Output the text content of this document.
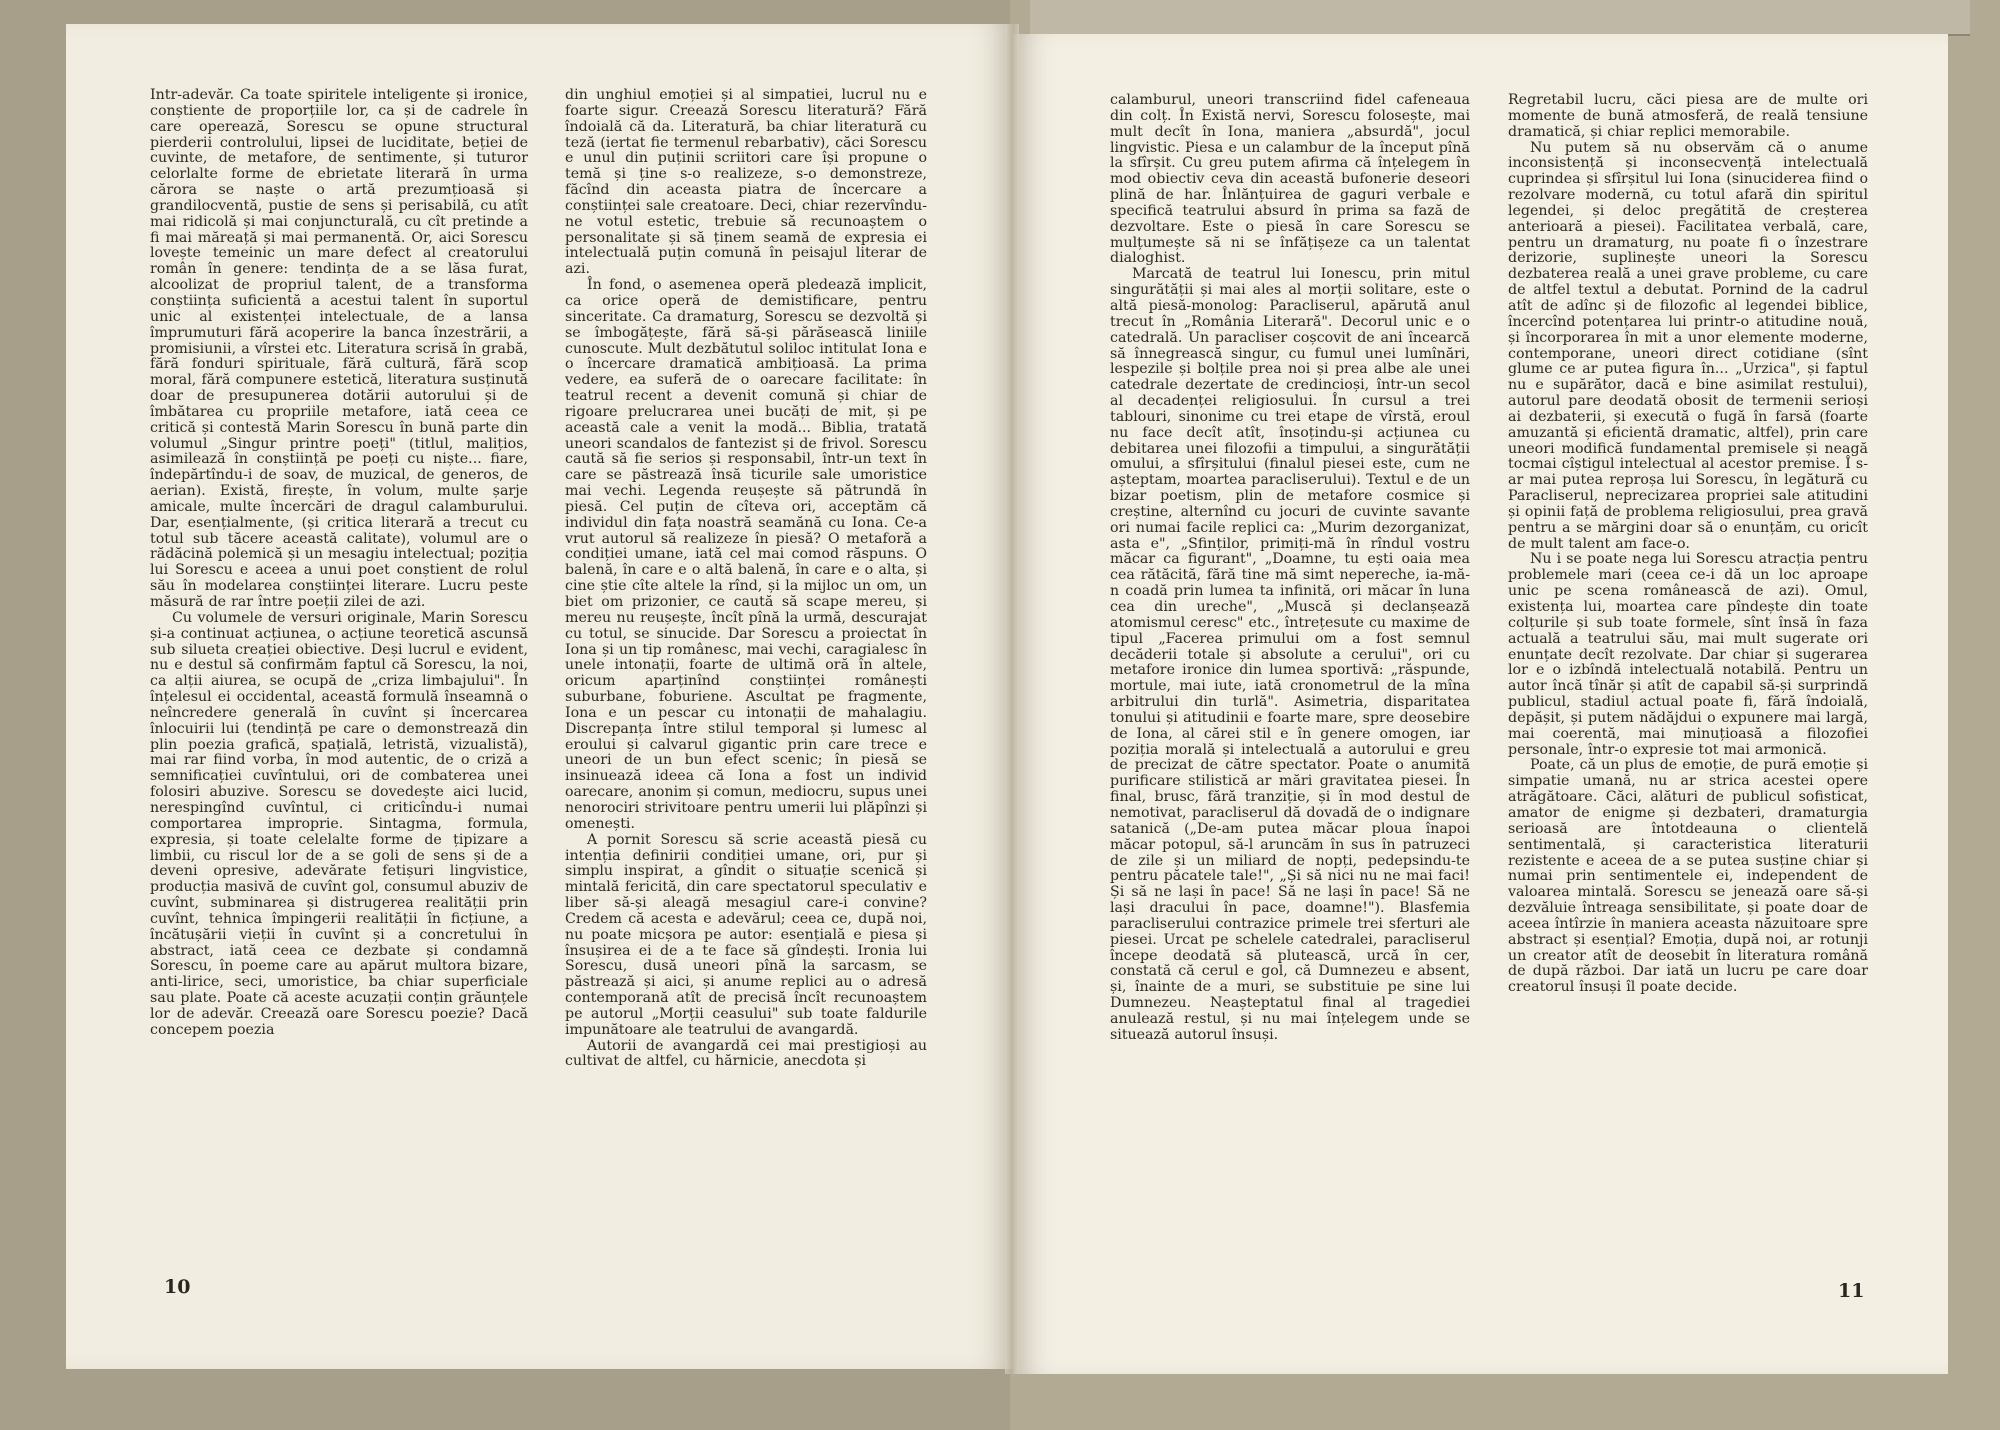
Intr-adevăr. Ca toate spiritele inteligente și ironice, conștiente de proporțiile lor, ca și de cadrele în care operează, Sorescu se opune structural pierderii controlului, lipsei de luciditate, beției de cuvinte, de metafore, de sentimente, și tuturor celorlalte forme de ebrietate literară în urma cărora se naște o artă prezumțioasă și grandilocventă, pustie de sens și perisabilă, cu atît mai ridicolă și mai conjuncturală, cu cît pretinde a fi mai măreață și mai permanentă. Or, aici Sorescu lovește temeinic un mare defect al creatorului român în genere: tendința de a se lăsa furat, alcoolizat de propriul talent, de a transforma conștiința suficientă a acestui talent în suportul unic al existenței intelectuale, de a lansa împrumuturi fără acoperire la banca înzestrării, a promisiunii, a vîrstei etc. Literatura scrisă în grabă, fără fonduri spirituale, fără cultură, fără scop moral, fără compunere estetică, literatura susținută doar de presupunerea dotării autorului și de îmbătarea cu propriile metafore, iată ceea ce critică și contestă Marin Sorescu în bună parte din volumul „Singur printre poeți" (titlul, malițios, asimilează în conștiință pe poeți cu niște... fiare, îndepărtîndu-i de soav, de muzical, de generos, de aerian). Există, firește, în volum, multe șarje amicale, multe încercări de dragul calamburului. Dar, esențialmente, (și critica literară a trecut cu totul sub tăcere această calitate), volumul are o rădăcină polemică și un mesagiu intelectual; poziția lui Sorescu e aceea a unui poet conștient de rolul său în modelarea conștiinței literare. Lucru peste măsură de rar între poeții zilei de azi.

Cu volumele de versuri originale, Marin Sorescu și-a continuat acțiunea, o acțiune teoretică ascunsă sub silueta creației obiective. Deși lucrul e evident, nu e destul să confirmăm faptul că Sorescu, la noi, ca alții aiurea, se ocupă de „criza limbajului". În înțelesul ei occidental, această formulă înseamnă o neîncredere generală în cuvînt și încercarea înlocuirii lui (tendință pe care o demonstrează din plin poezia grafică, spațială, letristă, vizualistă), mai rar fiind vorba, în mod autentic, de o criză a semnificației cuvîntului, ori de combaterea unei folosiri abuzive. Sorescu se dovedește aici lucid, nerespingînd cuvîntul, ci criticîndu-i numai comportarea improprie. Sintagma, formula, expresia, și toate celelalte forme de țipizare a limbii, cu riscul lor de a se goli de sens și de a deveni opresive, adevărate fetișuri lingvistice, producția masivă de cuvînt gol, consumul abuziv de cuvînt, subminarea și distrugerea realității prin cuvînt, tehnica împingerii realității în ficțiune, a încătușării vieții în cuvînt și a concretului în abstract, iată ceea ce dezbate și condamnă Sorescu, în poeme care au apărut multora bizare, anti-lirice, seci, umoristice, ba chiar superficiale sau plate. Poate că aceste acuzații conțin grăunțele lor de adevăr. Creează oare Sorescu poezie? Dacă concepem poezia

din unghiul emoției și al simpatiei, lucrul nu e foarte sigur. Creează Sorescu literatură? Fără îndoială că da. Literatură, ba chiar literatură cu teză (iertat fie termenul rebarbativ), căci Sorescu e unul din puținii scriitori care își propune o temă și ține s-o realizeze, s-o demonstreze, făcînd din aceasta piatra de încercare a conștiinței sale creatoare. Deci, chiar rezervîndu-ne votul estetic, trebuie să recunoaștem o personalitate și să ținem seamă de expresia ei intelectuală puțin comună în peisajul literar de azi.

În fond, o asemenea operă pledează implicit, ca orice operă de demistificare, pentru sinceritate. Ca dramaturg, Sorescu se dezvoltă și se îmbogățește, fără să-și părăsească liniile cunoscute. Mult dezbătutul soliloc intitulat Iona e o încercare dramatică ambițioasă. La prima vedere, ea suferă de o oarecare facilitate: în teatrul recent a devenit comună și chiar de rigoare prelucrarea unei bucăți de mit, și pe această cale a venit la modă... Biblia, tratată uneori scandalos de fantezist și de frivol. Sorescu caută să fie serios și responsabil, într-un text în care se păstrează însă ticurile sale umoristice mai vechi. Legenda reușește să pătrundă în piesă. Cel puțin de cîteva ori, acceptăm că individul din fața noastră seamănă cu Iona. Ce-a vrut autorul să realizeze în piesă? O metaforă a condiției umane, iată cel mai comod răspuns. O balenă, în care e o altă balenă, în care e o alta, și cine știe cîte altele la rînd, și la mijloc un om, un biet om prizonier, ce caută să scape mereu, și mereu nu reușește, încît pînă la urmă, descurajat cu totul, se sinucide. Dar Sorescu a proiectat în Iona și un tip românesc, mai vechi, caragialesc în unele intonații, foarte de ultimă oră în altele, oricum aparținînd conștiinței românești suburbane, foburiene. Ascultat pe fragmente, Iona e un pescar cu intonații de mahalagiu. Discrepanța între stilul temporal și lumesc al eroului și calvarul gigantic prin care trece e uneori de un bun efect scenic; în piesă se insinuează ideea că Iona a fost un individ oarecare, anonim și comun, mediocru, supus unei nenorociri strivitoare pentru umerii lui plăpînzi și omenești.

A pornit Sorescu să scrie această piesă cu intenția definirii condiției umane, ori, pur și simplu inspirat, a gîndit o situație scenică și mintală fericită, din care spectatorul speculativ e liber să-și aleagă mesagiul care-i convine? Credem că acesta e adevărul; ceea ce, după noi, nu poate micșora pe autor: esențială e piesa și însușirea ei de a te face să gîndești. Ironia lui Sorescu, dusă uneori pînă la sarcasm, se păstrează și aici, și anume replici au o adresă contemporană atît de precisă încît recunoaștem pe autorul „Morții ceasului" sub toate faldurile impunătoare ale teatrului de avangardă.

Autorii de avangardă cei mai prestigioși au cultivat de altfel, cu hărnicie, anecdota și

calamburul, uneori transcriind fidel cafeneaua din colț. În Există nervi, Sorescu folosește, mai mult decît în Iona, maniera „absurdă", jocul lingvistic. Piesa e un calambur de la început pînă la sfîrșit. Cu greu putem afirma că înțelegem în mod obiectiv ceva din această bufonerie deseori plină de har. Înlănțuirea de gaguri verbale e specifică teatrului absurd în prima sa fază de dezvoltare. Este o piesă în care Sorescu se mulțumește să ni se înfățișeze ca un talentat dialoghist.

Marcată de teatrul lui Ionescu, prin mitul singurătății și mai ales al morții solitare, este o altă piesă-monolog: Paracliserul, apărută anul trecut în „România Literară". Decorul unic e o catedrală. Un paracliser coșcovit de ani încearcă să înnegrească singur, cu fumul unei lumînări, lespezile și bolțile prea noi și prea albe ale unei catedrale dezertate de credincioși, într-un secol al decadenței religiosului. În cursul a trei tablouri, sinonime cu trei etape de vîrstă, eroul nu face decît atît, însoțindu-și acțiunea cu debitarea unei filozofii a timpului, a singurătății omului, a sfîrșitului (finalul piesei este, cum ne așteptam, moartea paracliserului). Textul e de un bizar poetism, plin de metafore cosmice și creștine, alternînd cu jocuri de cuvinte savante ori numai facile replici ca: „Murim dezorganizat, asta e", „Sfinților, primiți-mă în rîndul vostru măcar ca figurant", „Doamne, tu ești oaia mea cea rătăcită, fără tine mă simt nepereche, ia-mă-n coadă prin lumea ta infinită, ori măcar în luna cea din ureche", „Muscă și declanșează atomismul ceresc" etc., întrețesute cu maxime de tipul „Facerea primului om a fost semnul decăderii totale și absolute a cerului", ori cu metafore ironice din lumea sportivă: „răspunde, mortule, mai iute, iată cronometrul de la mîna arbitrului din turlă". Asimetria, disparitatea tonului și atitudinii e foarte mare, spre deosebire de Iona, al cărei stil e în genere omogen, iar poziția morală și intelectuală a autorului e greu de precizat de către spectator. Poate o anumită purificare stilistică ar mări gravitatea piesei. În final, brusc, fără tranziție, și în mod destul de nemotivat, paracliserul dă dovadă de o indignare satanică („De-am putea măcar ploua înapoi măcar potopul, să-l aruncăm în sus în patruzeci de zile și un miliard de nopți, pedepsindu-te pentru păcatele tale!", „Și să nici nu ne mai faci! Și să ne lași în pace! Să ne lași în pace! Să ne lași dracului în pace, doamne!"). Blasfemia paracliserului contrazice primele trei sferturi ale piesei. Urcat pe schelele catedralei, paracliserul începe deodată să plutească, urcă în cer, constată că cerul e gol, că Dumnezeu e absent, și, înainte de a muri, se substituie pe sine lui Dumnezeu. Neașteptatul final al tragediei anulează restul, și nu mai înțelegem unde se situează autorul însuși.

Regretabil lucru, căci piesa are de multe ori momente de bună atmosferă, de reală tensiune dramatică, și chiar replici memorabile.

Nu putem să nu observăm că o anume inconsistență și inconsecvență intelectuală cuprindea și sfîrșitul lui Iona (sinuciderea fiind o rezolvare modernă, cu totul afară din spiritul legendei, și deloc pregătită de creșterea anterioară a piesei). Facilitatea verbală, care, pentru un dramaturg, nu poate fi o înzestrare derizorie, suplinește uneori la Sorescu dezbaterea reală a unei grave probleme, cu care de altfel textul a debutat. Pornind de la cadrul atît de adînc și de filozofic al legendei biblice, încercînd potențarea lui printr-o atitudine nouă, și încorporarea în mit a unor elemente moderne, contemporane, uneori direct cotidiane (sînt glume ce ar putea figura în... „Urzica", și faptul nu e supărător, dacă e bine asimilat restului), autorul pare deodată obosit de termenii serioși ai dezbaterii, și execută o fugă în farsă (foarte amuzantă și eficientă dramatic, altfel), prin care uneori modifică fundamental premisele și neagă tocmai cîștigul intelectual al acestor premise. Î s-ar mai putea reproșa lui Sorescu, în legătură cu Paracliserul, neprecizarea propriei sale atitudini și opinii față de problema religiosului, prea gravă pentru a se mărgini doar să o enunțăm, cu oricît de mult talent am face-o.

Nu i se poate nega lui Sorescu atracția pentru problemele mari (ceea ce-i dă un loc aproape unic pe scena românească de azi). Omul, existența lui, moartea care pîndește din toate colțurile și sub toate formele, sînt însă în faza actuală a teatrului său, mai mult sugerate ori enunțate decît rezolvate. Dar chiar și sugerarea lor e o izbîndă intelectuală notabilă. Pentru un autor încă tînăr și atît de capabil să-și surprindă publicul, stadiul actual poate fi, fără îndoială, depășit, și putem nădăjdui o expunere mai largă, mai coerentă, mai minuțioasă a filozofiei personale, într-o expresie tot mai armonică.

Poate, că un plus de emoție, de pură emoție și simpatie umană, nu ar strica acestei opere atrăgătoare. Căci, alături de publicul sofisticat, amator de enigme și dezbateri, dramaturgia serioasă are întotdeauna o clientelă sentimentală, și caracteristica literaturii rezistente e aceea de a se putea susține chiar și numai prin sentimentele ei, independent de valoarea mintală. Sorescu se jenează oare să-și dezvăluie întreaga sensibilitate, și poate doar de aceea întîrzie în maniera aceasta năzuitoare spre abstract și esențial? Emoția, după noi, ar rotunji un creator atît de deosebit în literatura română de după război. Dar iată un lucru pe care doar creatorul însuși îl poate decide.

10	11
